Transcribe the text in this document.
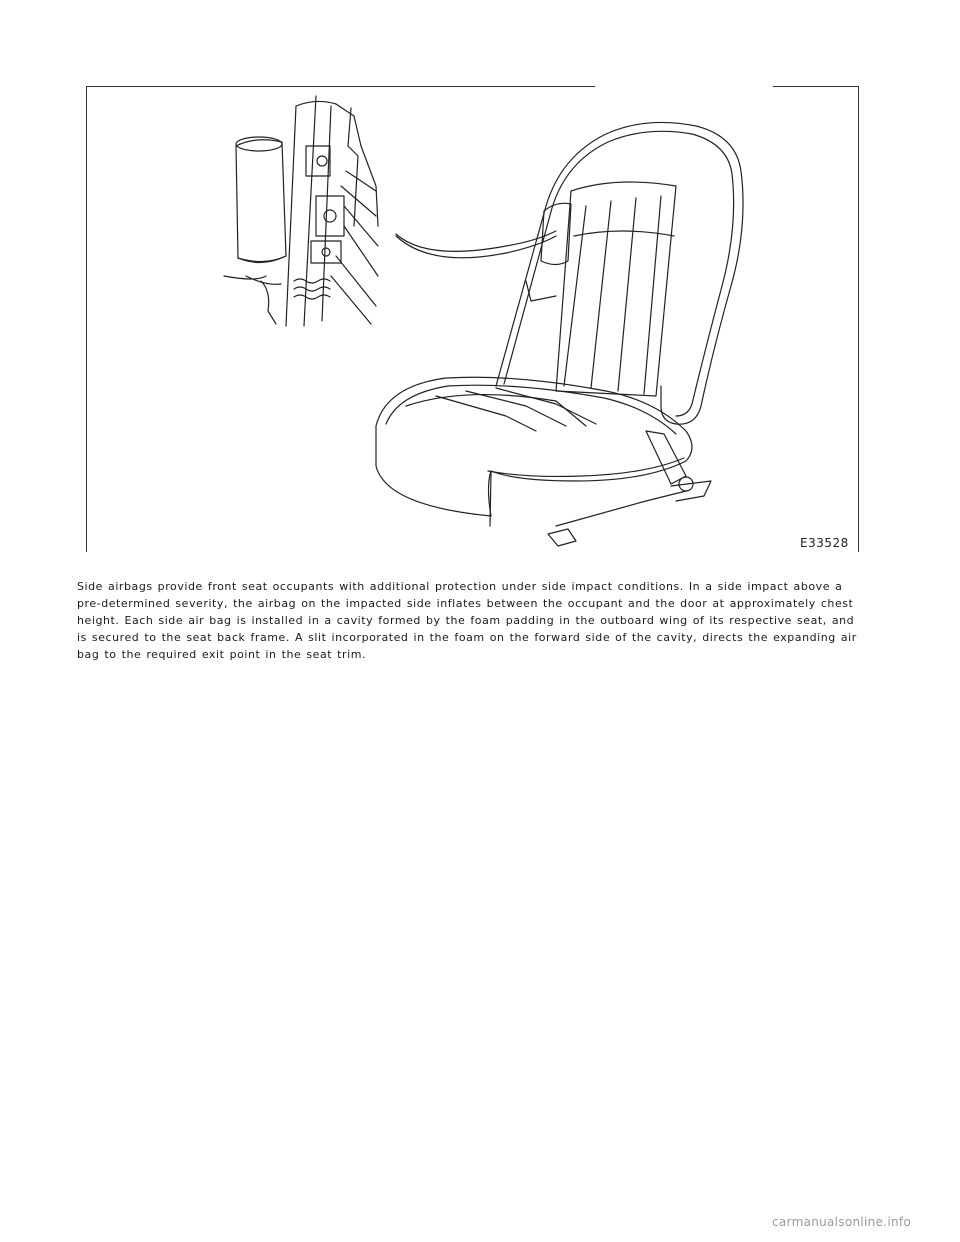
E33528

Side airbags provide front seat occupants with additional protection under side impact conditions. In a side impact above a pre-determined severity, the airbag on the impacted side inflates between the occupant and the door at approximately chest height. Each side air bag is installed in a cavity formed by the foam padding in the outboard wing of its respective seat, and is secured to the seat back frame. A slit incorporated in the foam on the forward side of the cavity, directs the expanding air bag to the required exit point in the seat trim.

carmanualsonline.info
